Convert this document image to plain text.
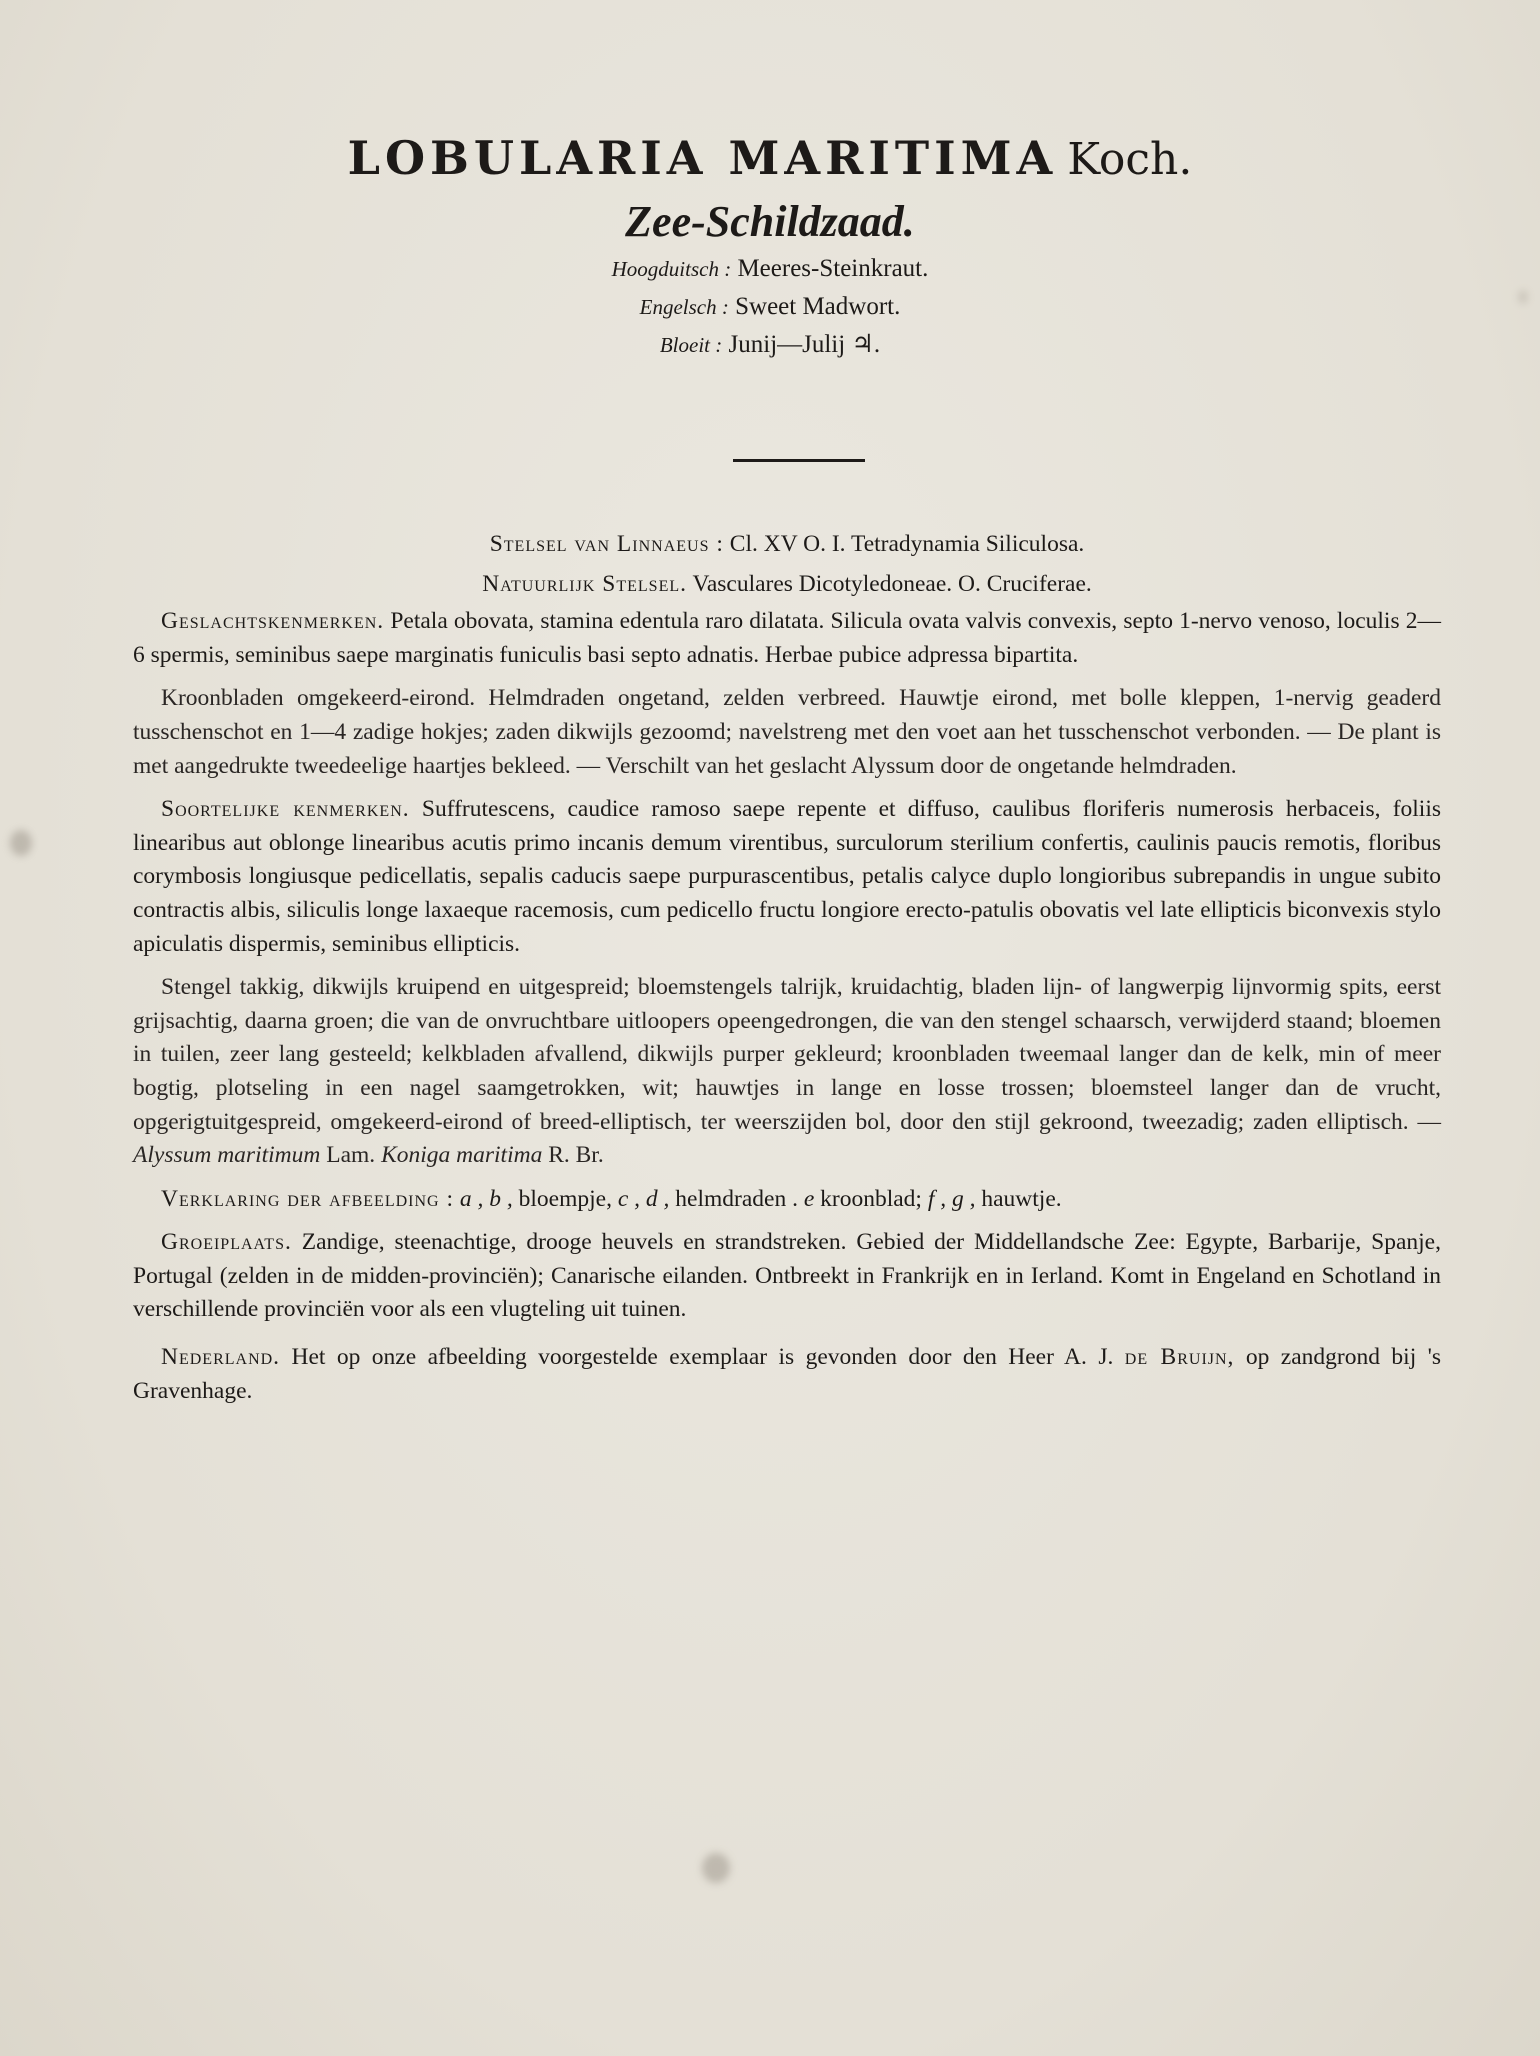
LOBULARIA MARITIMA Koch.
Zee-Schildzaad.
Hoogduitsch : Meeres-Steinkraut.
Engelsch : Sweet Madwort.
Bloeit : Junij—Julij ♃.

Stelsel van Linnaeus : Cl. XV O. I. Tetradynamia Siliculosa.

Natuurlijk Stelsel. Vasculares Dicotyledoneae. O. Cruciferae.

Geslachtskenmerken. Petala obovata, stamina edentula raro dilatata. Silicula ovata valvis convexis, septo 1-nervo venoso, loculis 2—6 spermis, seminibus saepe marginatis funiculis basi septo adnatis. Herbae pubice adpressa bipartita.

Kroonbladen omgekeerd-eirond. Helmdraden ongetand, zelden verbreed. Hauwtje eirond, met bolle kleppen, 1-nervig geaderd tusschenschot en 1—4 zadige hokjes; zaden dikwijls gezoomd; navelstreng met den voet aan het tusschenschot verbonden. — De plant is met aangedrukte tweedeelige haartjes bekleed. — Verschilt van het geslacht Alyssum door de ongetande helmdraden.

Soortelijke kenmerken. Suffrutescens, caudice ramoso saepe repente et diffuso, caulibus floriferis numerosis herbaceis, foliis linearibus aut oblonge linearibus acutis primo incanis demum virentibus, surculorum sterilium confertis, caulinis paucis remotis, floribus corymbosis longiusque pedicellatis, sepalis caducis saepe purpurascentibus, petalis calyce duplo longioribus subrepandis in ungue subito contractis albis, siliculis longe laxaeque racemosis, cum pedicello fructu longiore erecto-patulis obovatis vel late ellipticis biconvexis stylo apiculatis dispermis, seminibus ellipticis.

Stengel takkig, dikwijls kruipend en uitgespreid; bloemstengels talrijk, kruidachtig, bladen lijn- of langwerpig lijnvormig spits, eerst grijsachtig, daarna groen; die van de onvruchtbare uitloopers opeengedrongen, die van den stengel schaarsch, verwijderd staand; bloemen in tuilen, zeer lang gesteeld; kelkbladen afvallend, dikwijls purper gekleurd; kroonbladen tweemaal langer dan de kelk, min of meer bogtig, plotseling in een nagel saamgetrokken, wit; hauwtjes in lange en losse trossen; bloemsteel langer dan de vrucht, opgerigtuitgespreid, omgekeerd-eirond of breed-elliptisch, ter weerszijden bol, door den stijl gekroond, tweezadig; zaden elliptisch. — Alyssum maritimum Lam. Koniga maritima R. Br.

Verklaring der afbeelding : a , b , bloempje, c , d , helmdraden . e kroonblad; f , g , hauwtje.

Groeiplaats. Zandige, steenachtige, drooge heuvels en strandstreken. Gebied der Middellandsche Zee: Egypte, Barbarije, Spanje, Portugal (zelden in de midden-provinciën); Canarische eilanden. Ontbreekt in Frankrijk en in Ierland. Komt in Engeland en Schotland in verschillende provinciën voor als een vlugteling uit tuinen.

Nederland. Het op onze afbeelding voorgestelde exemplaar is gevonden door den Heer A. J. de Bruijn, op zandgrond bij 's Gravenhage.
